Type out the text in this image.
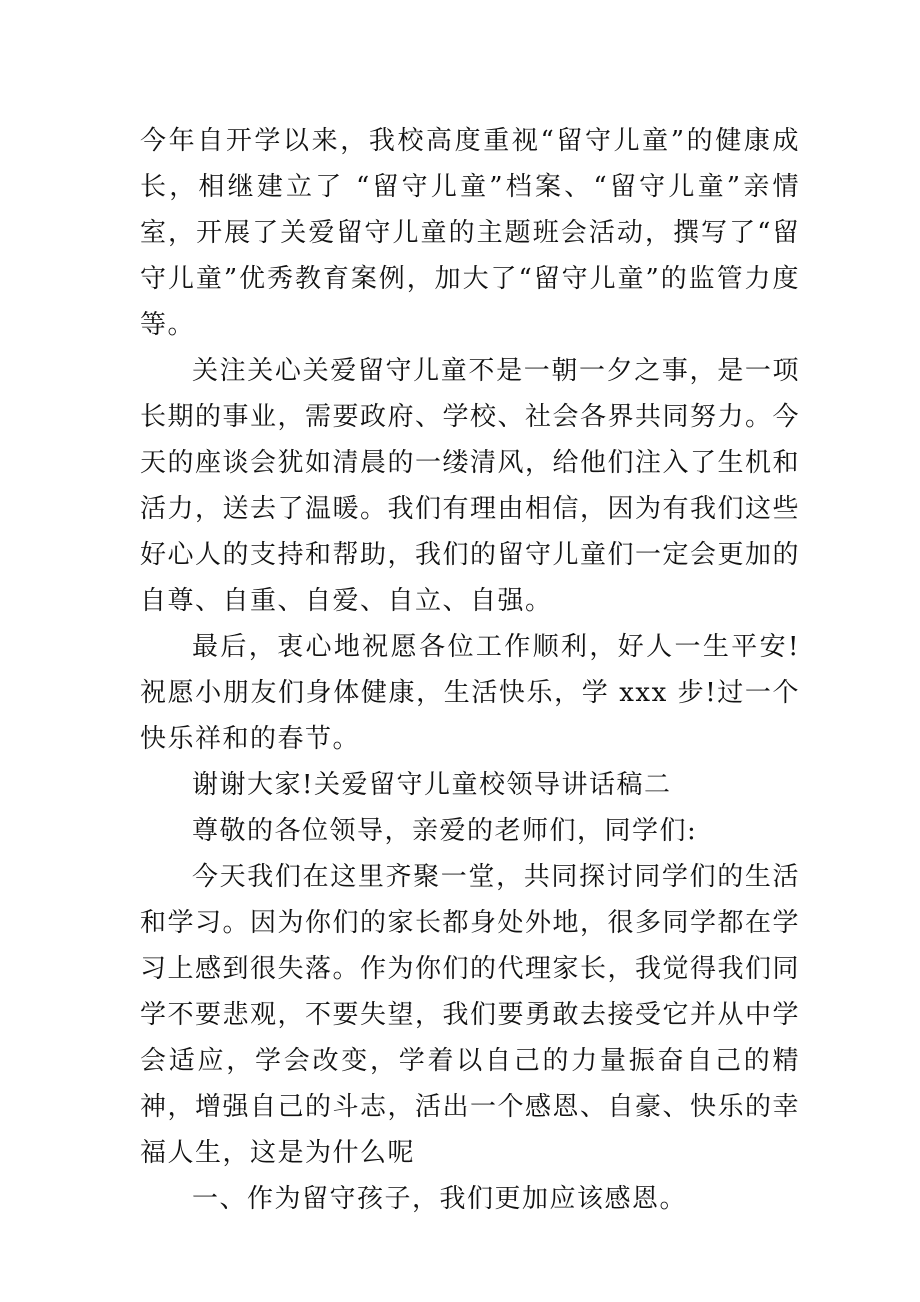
今年自开学以来，我校高度重视“留守儿童”的健康成长，相继建立了 “留守儿童”档案、“留守儿童”亲情室，开展了关爱留守儿童的主题班会活动，撰写了“留守儿童”优秀教育案例，加大了“留守儿童”的监管力度等。

关注关心关爱留守儿童不是一朝一夕之事，是一项长期的事业，需要政府、学校、社会各界共同努力。今天的座谈会犹如清晨的一缕清风，给他们注入了生机和活力，送去了温暖。我们有理由相信，因为有我们这些好心人的支持和帮助，我们的留守儿童们一定会更加的自尊、自重、自爱、自立、自强。

最后，衷心地祝愿各位工作顺利，好人一生平安!祝愿小朋友们身体健康，生活快乐，学 xxx 步!过一个快乐祥和的春节。

谢谢大家!关爱留守儿童校领导讲话稿二

尊敬的各位领导，亲爱的老师们，同学们:

今天我们在这里齐聚一堂，共同探讨同学们的生活和学习。因为你们的家长都身处外地，很多同学都在学习上感到很失落。作为你们的代理家长，我觉得我们同学不要悲观，不要失望，我们要勇敢去接受它并从中学会适应，学会改变，学着以自己的力量振奋自己的精神，增强自己的斗志，活出一个感恩、自豪、快乐的幸福人生，这是为什么呢

一、作为留守孩子，我们更加应该感恩。
